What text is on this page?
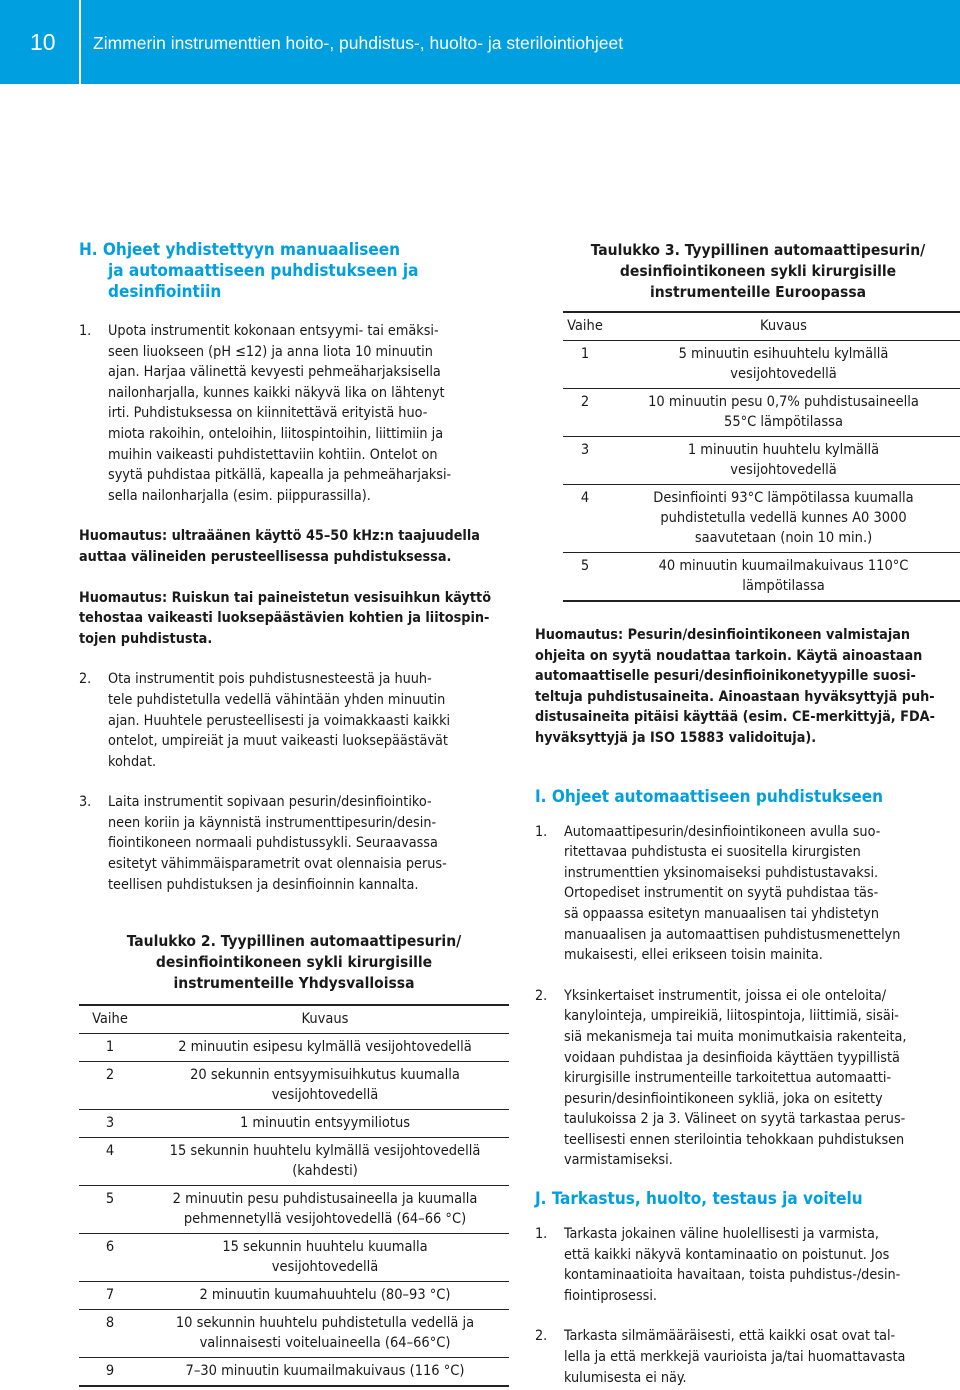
10 Zimmerin instrumenttien hoito-, puhdistus-, huolto- ja sterilointiohjeet
H. Ohjeet yhdistettyyn manuaaliseen
ja automaattiseen puhdistukseen ja
desinfiointiin
1. Upota instrumentit kokonaan entsyymi- tai emäksi-
seen liuokseen (pH ≤12) ja anna liota 10 minuutin
ajan. Harjaa välinettä kevyesti pehmeäharjaksisella
nailonharjalla, kunnes kaikki näkyvä lika on lähtenyt
irti. Puhdistuksessa on kiinnitettävä erityistä huo-
miota rakoihin, onteloihin, liitospintoihin, liittimiin ja
muihin vaikeasti puhdistettaviin kohtiin. Ontelot on
syytä puhdistaa pitkällä, kapealla ja pehmeäharjaksi-
sella nailonharjalla (esim. piippurassilla).
Huomautus: ultraäänen käyttö 45–50 kHz:n taajuudella
auttaa välineiden perusteellisessa puhdistuksessa.
Huomautus: Ruiskun tai paineistetun vesisuihkun käyttö
tehostaa vaikeasti luoksepäästävien kohtien ja liitospin-
tojen puhdistusta.
2. Ota instrumentit pois puhdistusnesteestä ja huuh-
tele puhdistetulla vedellä vähintään yhden minuutin
ajan. Huuhtele perusteellisesti ja voimakkaasti kaikki
ontelot, umpireiät ja muut vaikeasti luoksepäästävät
kohdat.
3. Laita instrumentit sopivaan pesurin/desinfiointiko-
neen koriin ja käynnistä instrumenttipesurin/desin-
fiointikoneen normaali puhdistussykli. Seuraavassa
esitetyt vähimmäisparametrit ovat olennaisia perus-
teellisen puhdistuksen ja desinfioinnin kannalta.
Taulukko 2. Tyypillinen automaattipesurin/
desinfiointikoneen sykli kirurgisille
instrumenteille Yhdysvalloissa
Vaihe	Kuvaus
1	2 minuutin esipesu kylmällä vesijohtovedellä
2	20 sekunnin entsyymisuihkutus kuumalla
vesijohtovedellä
3	1 minuutin entsyymiliotus
4	15 sekunnin huuhtelu kylmällä vesijohtovedellä
(kahdesti)
5	2 minuutin pesu puhdistusaineella ja kuumalla
pehmennetyllä vesijohtovedellä (64–66 °C)
6	15 sekunnin huuhtelu kuumalla
vesijohtovedellä
7	2 minuutin kuumahuuhtelu (80–93 °C)
8	10 sekunnin huuhtelu puhdistetulla vedellä ja
valinnaisesti voiteluaineella (64–66°C)
9	7–30 minuutin kuumailmakuivaus (116 °C)
Taulukko 3. Tyypillinen automaattipesurin/
desinfiointikoneen sykli kirurgisille
instrumenteille Euroopassa
Vaihe	Kuvaus
1	5 minuutin esihuuhtelu kylmällä
vesijohtovedellä
2	10 minuutin pesu 0,7% puhdistusaineella
55°C lämpötilassa
3	1 minuutin huuhtelu kylmällä
vesijohtovedellä
4	Desinfiointi 93°C lämpötilassa kuumalla
puhdistetulla vedellä kunnes A0 3000
saavutetaan (noin 10 min.)
5	40 minuutin kuumailmakuivaus 110°C
lämpötilassa
Huomautus: Pesurin/desinfiointikoneen valmistajan
ohjeita on syytä noudattaa tarkoin. Käytä ainoastaan
automaattiselle pesuri/desinfioinikonetyypille suosi-
teltuja puhdistusaineita. Ainoastaan hyväksyttyjä puh-
distusaineita pitäisi käyttää (esim. CE-merkittyjä, FDA-
hyväksyttyjä ja ISO 15883 validoituja).
I. Ohjeet automaattiseen puhdistukseen
1. Automaattipesurin/desinfiointikoneen avulla suo-
ritettavaa puhdistusta ei suositella kirurgisten
instrumenttien yksinomaiseksi puhdistustavaksi.
Ortopediset instrumentit on syytä puhdistaa täs-
sä oppaassa esitetyn manuaalisen tai yhdistetyn
manuaalisen ja automaattisen puhdistusmenettelyn
mukaisesti, ellei erikseen toisin mainita.
2. Yksinkertaiset instrumentit, joissa ei ole onteloita/
kanylointeja, umpireikiä, liitospintoja, liittimiä, sisäi-
siä mekanismeja tai muita monimutkaisia rakenteita,
voidaan puhdistaa ja desinfioida käyttäen tyypillistä
kirurgisille instrumenteille tarkoitettua automaatti-
pesurin/desinfiointikoneen sykliä, joka on esitetty
taulukoissa 2 ja 3. Välineet on syytä tarkastaa perus-
teellisesti ennen sterilointia tehokkaan puhdistuksen
varmistamiseksi.
J. Tarkastus, huolto, testaus ja voitelu
1. Tarkasta jokainen väline huolellisesti ja varmista,
että kaikki näkyvä kontaminaatio on poistunut. Jos
kontaminaatioita havaitaan, toista puhdistus-/desin-
fiointiprosessi.
2. Tarkasta silmämääräisesti, että kaikki osat ovat tal-
lella ja että merkkejä vaurioista ja/tai huomattavasta
kulumisesta ei näy.
